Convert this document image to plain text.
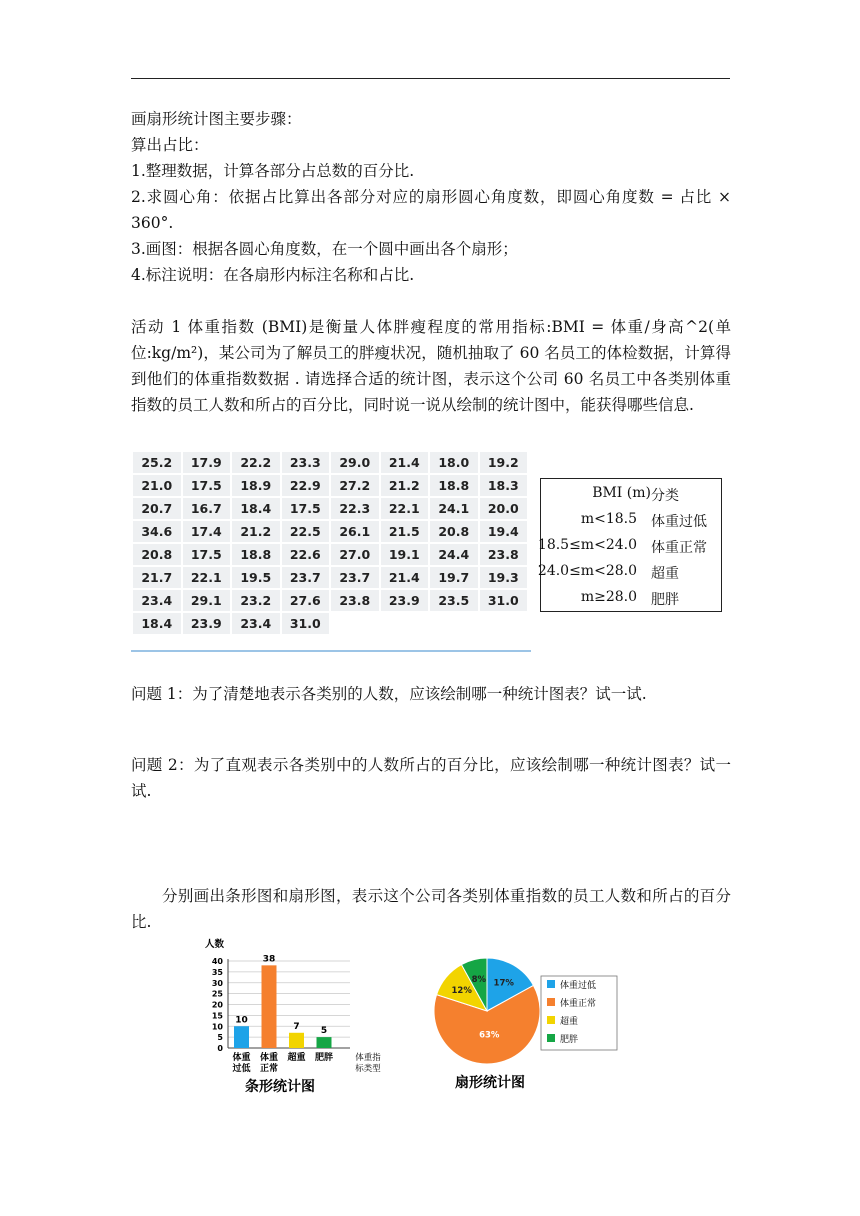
画扇形统计图主要步骤：
算出占比：
1.整理数据，计算各部分占总数的百分比.
2.求圆心角：依据占比算出各部分对应的扇形圆心角度数，即圆心角度数 = 占比 × 360°.
3.画图：根据各圆心角度数，在一个圆中画出各个扇形；
4.标注说明：在各扇形内标注名称和占比.
活动 1 体重指数 (BMI)是衡量人体胖瘦程度的常用指标:BMI = 体重/身高^2(单位:kg/m²)，某公司为了解员工的胖瘦状况，随机抽取了 60 名员工的体检数据，计算得到他们的体重指数数据 . 请选择合适的统计图，表示这个公司 60 名员工中各类别体重指数的员工人数和所占的百分比，同时说一说从绘制的统计图中，能获得哪些信息.
25.2	17.9	22.2	23.3	29.0	21.4	18.0	19.2
21.0	17.5	18.9	22.9	27.2	21.2	18.8	18.3
20.7	16.7	18.4	17.5	22.3	22.1	24.1	20.0
34.6	17.4	21.2	22.5	26.1	21.5	20.8	19.4
20.8	17.5	18.8	22.6	27.0	19.1	24.4	23.8
21.7	22.1	19.5	23.7	23.7	21.4	19.7	19.3
23.4	29.1	23.2	27.6	23.8	23.9	23.5	31.0
18.4	23.9	23.4	31.0				
BMI (m) 分类
m<18.5 体重过低
18.5≤m<24.0 体重正常
24.0≤m<28.0 超重
m≥28.0 肥胖
问题 1：为了清楚地表示各类别的人数，应该绘制哪一种统计图表？试一试.
问题 2：为了直观表示各类别中的人数所占的百分比，应该绘制哪一种统计图表？试一试.
分别画出条形图和扇形图，表示这个公司各类别体重指数的员工人数和所占的百分比.
人数
0
5
10
15
20
25
30
35
40
10
体重
过低
38
体重
正常
7
超重
5
肥胖	体重指
标类型
条形统计图
17%
63%
12%
8%
体重过低
体重正常
超重
肥胖
扇形统计图
